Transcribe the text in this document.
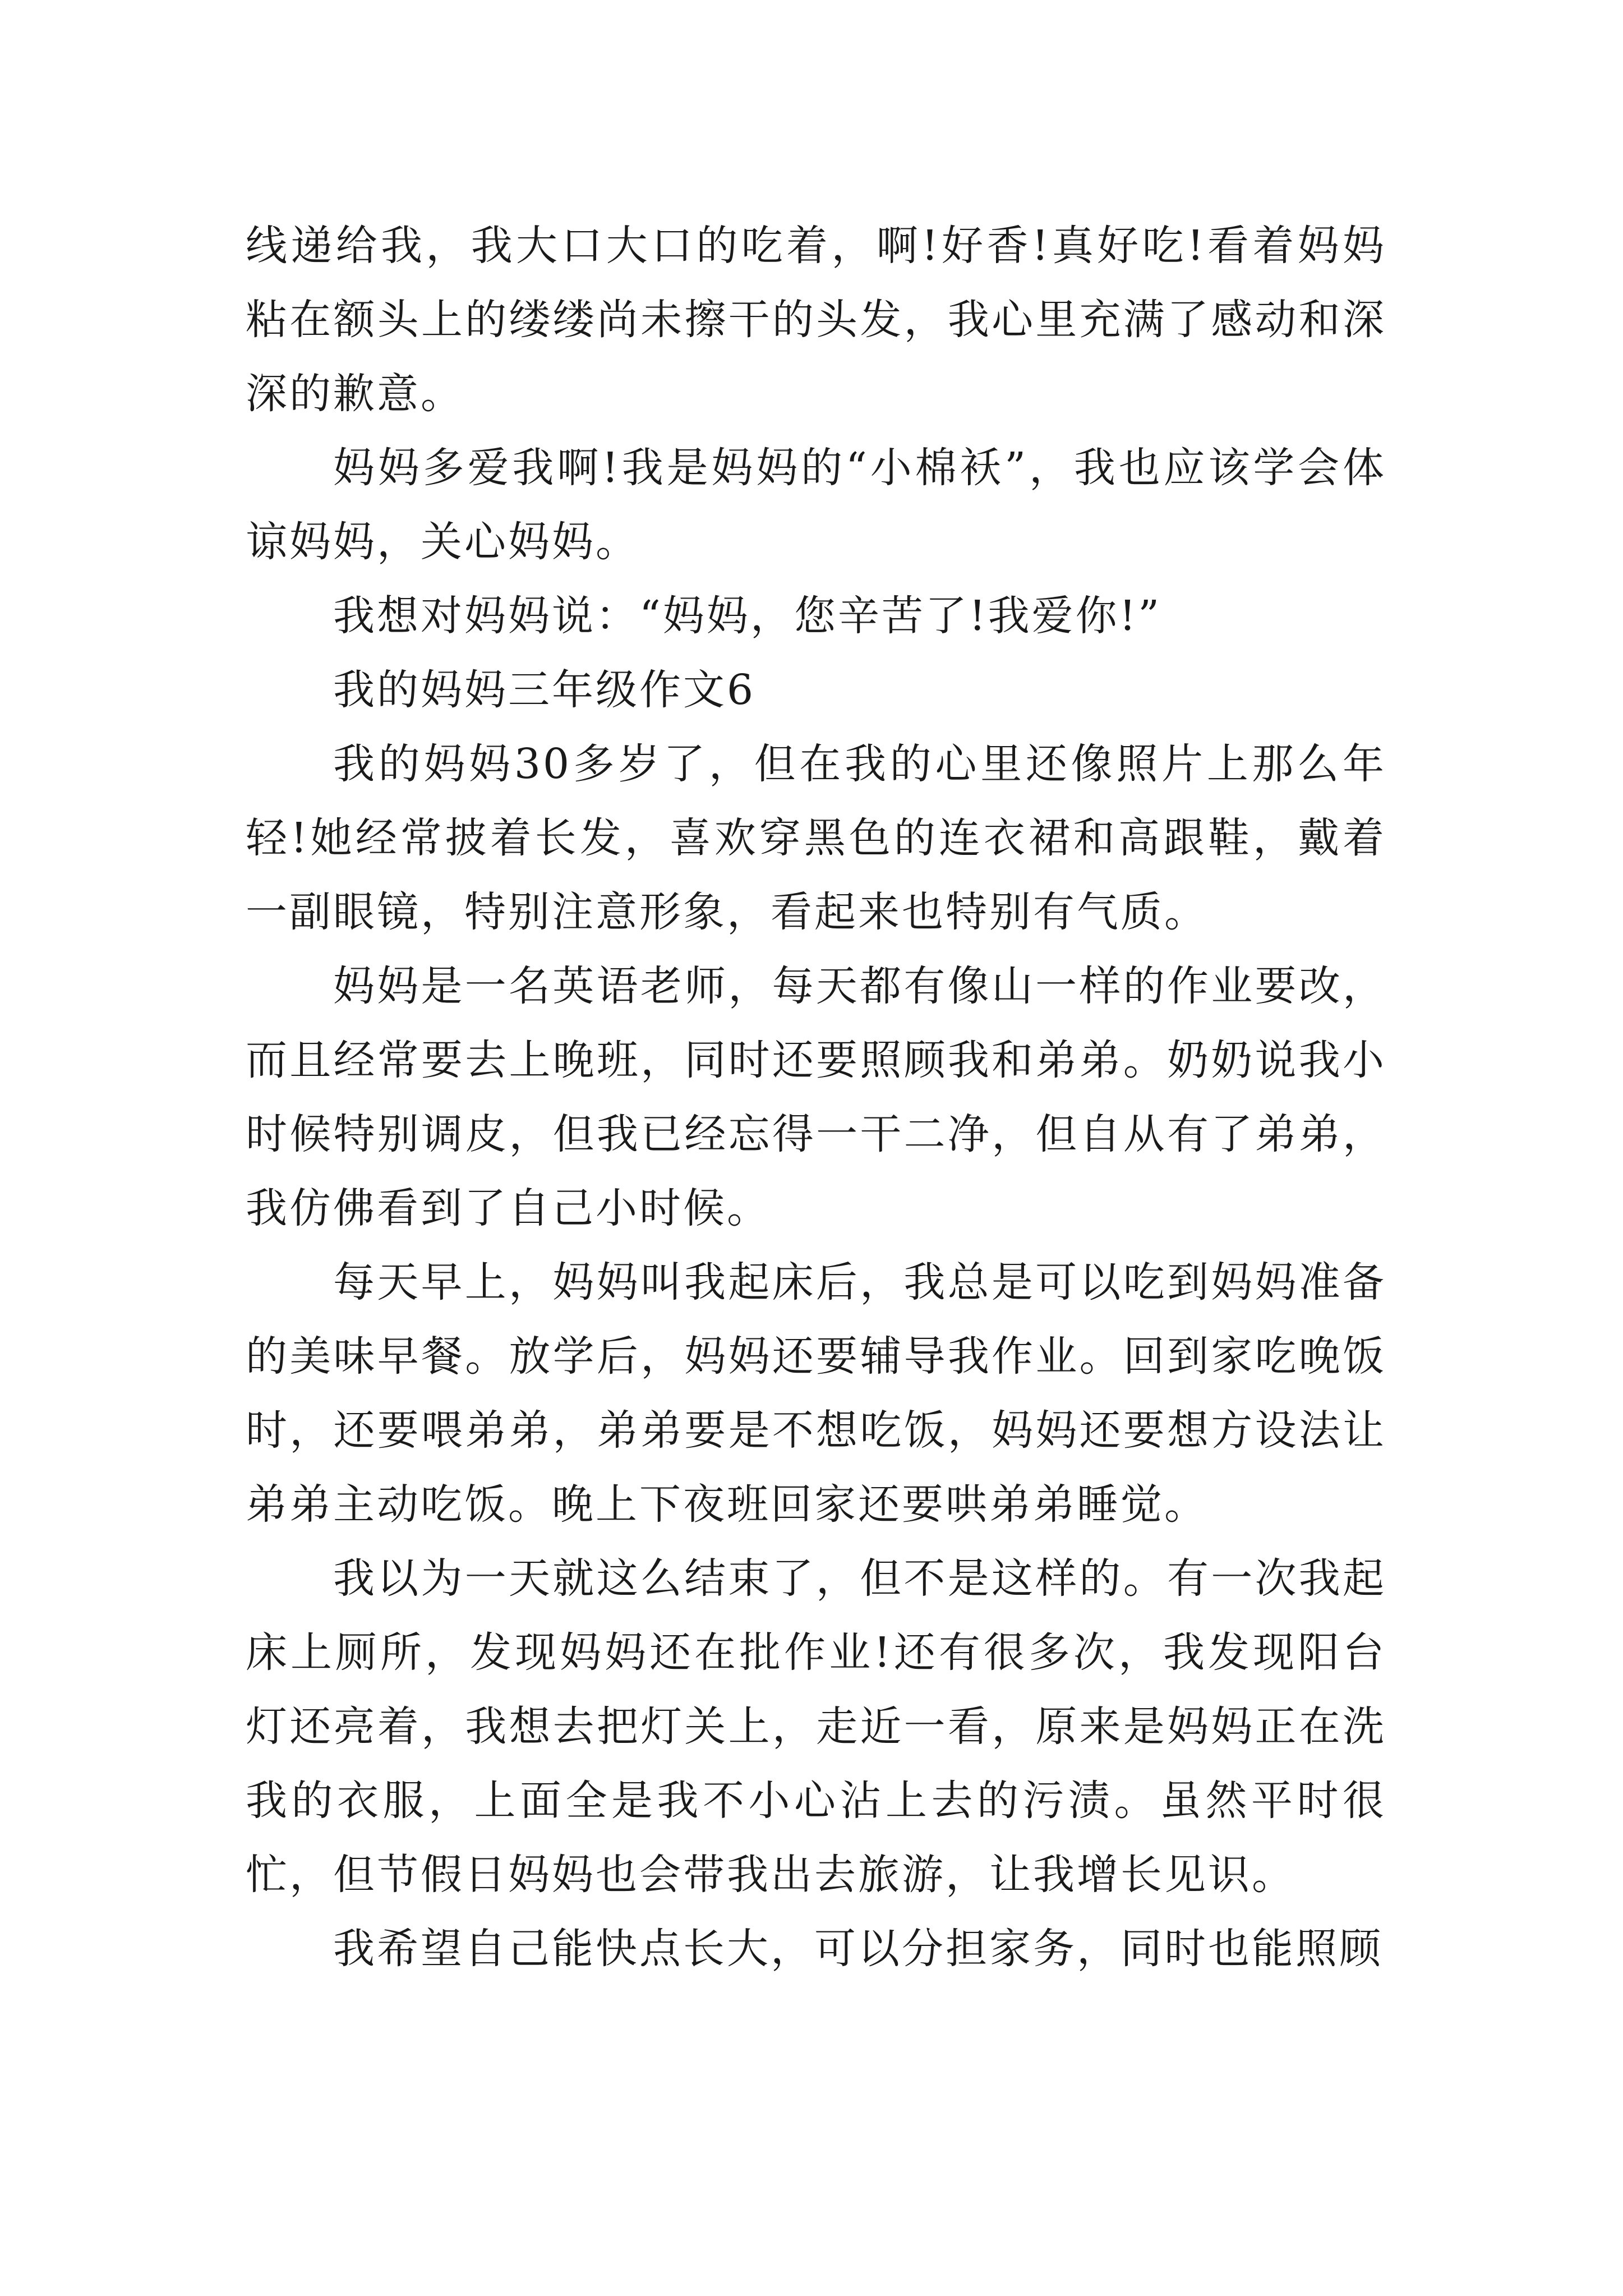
线递给我，我大口大口的吃着，啊!好香!真好吃!看着妈妈粘在额头上的缕缕尚未擦干的头发，我心里充满了感动和深深的歉意。

妈妈多爱我啊!我是妈妈的“小棉袄”，我也应该学会体谅妈妈，关心妈妈。

我想对妈妈说：“妈妈，您辛苦了!我爱你!”

我的妈妈三年级作文6

我的妈妈30多岁了，但在我的心里还像照片上那么年轻!她经常披着长发，喜欢穿黑色的连衣裙和高跟鞋，戴着一副眼镜，特别注意形象，看起来也特别有气质。

妈妈是一名英语老师，每天都有像山一样的作业要改，而且经常要去上晚班，同时还要照顾我和弟弟。奶奶说我小时候特别调皮，但我已经忘得一干二净，但自从有了弟弟，我仿佛看到了自己小时候。

每天早上，妈妈叫我起床后，我总是可以吃到妈妈准备的美味早餐。放学后，妈妈还要辅导我作业。回到家吃晚饭时，还要喂弟弟，弟弟要是不想吃饭，妈妈还要想方设法让弟弟主动吃饭。晚上下夜班回家还要哄弟弟睡觉。

我以为一天就这么结束了，但不是这样的。有一次我起床上厕所，发现妈妈还在批作业!还有很多次，我发现阳台灯还亮着，我想去把灯关上，走近一看，原来是妈妈正在洗我的衣服，上面全是我不小心沾上去的污渍。虽然平时很忙，但节假日妈妈也会带我出去旅游，让我增长见识。

我希望自己能快点长大，可以分担家务，同时也能照顾
